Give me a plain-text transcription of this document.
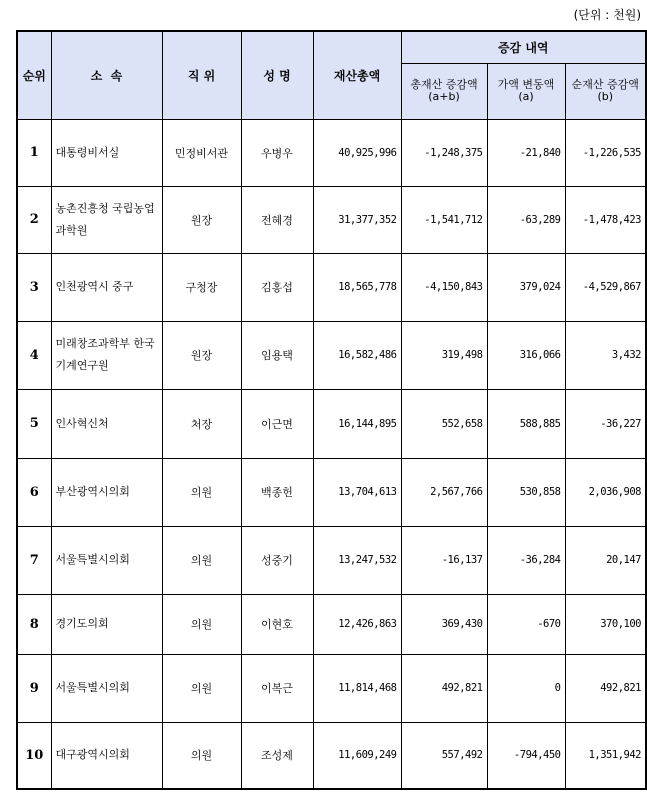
(단위 : 천원)
순위	소  속	직 위	성 명	재산총액	증감 내역		
					총재산 증감액 (a+b)	가액 변동액 (a)	순재산 증감액 (b)
1	대통령비서실	민정비서관	우병우	40,925,996	-1,248,375	-21,840	-1,226,535
2	농촌진흥청 국립농업과학원	원장	전혜경	31,377,352	-1,541,712	-63,289	-1,478,423
3	인천광역시 중구	구청장	김홍섭	18,565,778	-4,150,843	379,024	-4,529,867
4	미래창조과학부 한국기계연구원	원장	임용택	16,582,486	319,498	316,066	3,432
5	인사혁신처	처장	이근면	16,144,895	552,658	588,885	-36,227
6	부산광역시의회	의원	백종헌	13,704,613	2,567,766	530,858	2,036,908
7	서울특별시의회	의원	성중기	13,247,532	-16,137	-36,284	20,147
8	경기도의회	의원	이현호	12,426,863	369,430	-670	370,100
9	서울특별시의회	의원	이복근	11,814,468	492,821	0	492,821
10	대구광역시의회	의원	조성제	11,609,249	557,492	-794,450	1,351,942
